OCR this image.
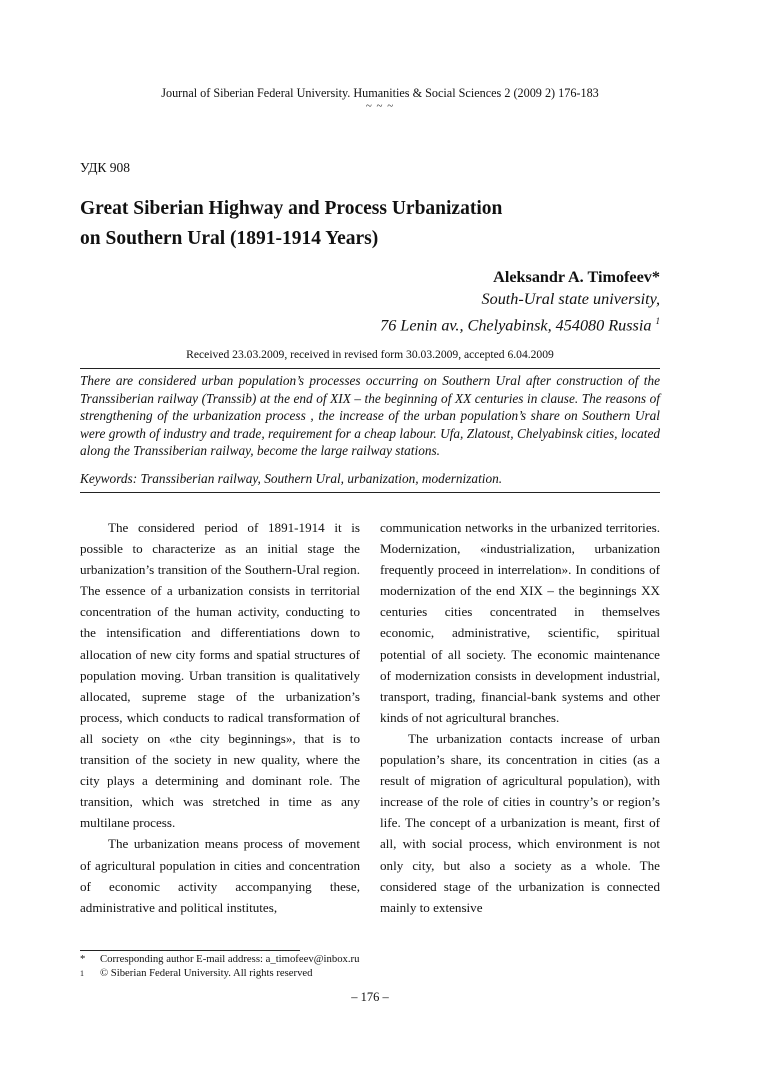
Journal of Siberian Federal University. Humanities & Social Sciences 2 (2009 2) 176-183
~ ~ ~
УДК 908
Great Siberian Highway and Process Urbanization
on Southern Ural (1891-1914 Years)
Aleksandr A. Timofeev*
South-Ural state university,
76 Lenin av., Chelyabinsk, 454080 Russia $^1$
Received 23.03.2009, received in revised form 30.03.2009, accepted 6.04.2009
There are considered urban population’s processes occurring on Southern Ural after construction of the Transsiberian railway (Transsib) at the end of XIX – the beginning of XX centuries in clause. The reasons of strengthening of the urbanization process , the increase of the urban population’s share on Southern Ural were growth of industry and trade, requirement for a cheap labour. Ufa, Zlatoust, Chelyabinsk cities, located along the Transsiberian railway, become the large railway stations.
Keywords: Transsiberian railway, Southern Ural, urbanization, modernization.

The considered period of 1891-1914 it is possible to characterize as an initial stage the urbanization’s transition of the Southern-Ural region. The essence of a urbanization consists in territorial concentration of the human activity, conducting to the intensification and differentiations down to allocation of new city forms and spatial structures of population moving. Urban transition is qualitatively allocated, supreme stage of the urbanization’s process, which conducts to radical transformation of all society on «the city beginnings», that is to transition of the society in new quality, where the city plays a determining and dominant role. The transition, which was stretched in time as any multilane process.

The urbanization means process of movement of agricultural population in cities and concentration of economic activity accompanying these, administrative and political institutes,

communication networks in the urbanized territories. Modernization, «industrialization, urbanization frequently proceed in interrelation». In conditions of modernization of the end XIX – the beginnings XX centuries cities concentrated in themselves economic, administrative, scientific, spiritual potential of all society. The economic maintenance of modernization consists in development industrial, transport, trading, financial-bank systems and other kinds of not agricultural branches.

The urbanization contacts increase of urban population’s share, its concentration in cities (as a result of migration of agricultural population), with increase of the role of cities in country’s or region’s life. The concept of a urbanization is meant, first of all, with social process, which environment is not only city, but also a society as a whole. The considered stage of the urbanization is connected mainly to extensive

*	Corresponding author E-mail address: a_timofeev@inbox.ru
1	© Siberian Federal University. All rights reserved
– 176 –
